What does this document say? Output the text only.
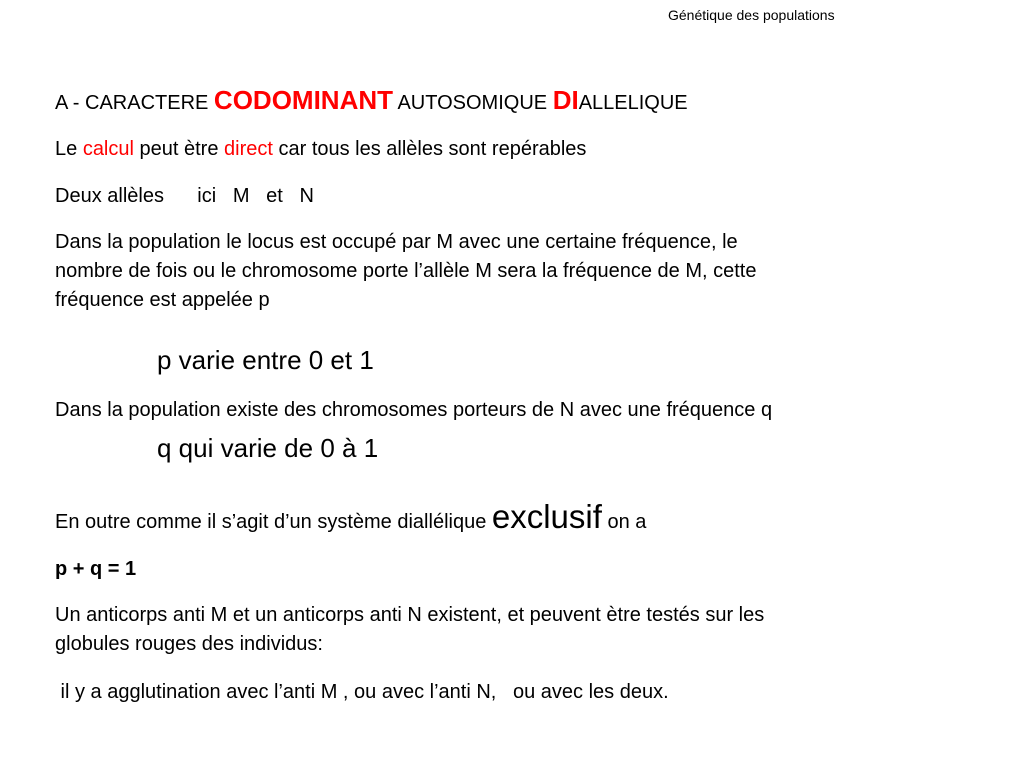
Génétique des populations
A - CARACTERE CODOMINANT AUTOSOMIQUE DIALLELIQUE
Le calcul peut ètre direct car tous les allèles sont repérables
Deux allèles      ici   M   et   N
Dans la population le locus est occupé par M avec une certaine fréquence, le
nombre de fois ou le chromosome porte l’allèle M sera la fréquence de M, cette
fréquence est appelée p
p varie entre 0 et 1
Dans la population existe des chromosomes porteurs de N avec une fréquence q
q qui varie de 0 à 1
En outre comme il s’agit d’un système diallélique exclusif on a
p + q = 1
Un anticorps anti M et un anticorps anti N existent, et peuvent ètre testés sur les
globules rouges des individus:
il y a agglutination avec l’anti M , ou avec l’anti N,   ou avec les deux.
